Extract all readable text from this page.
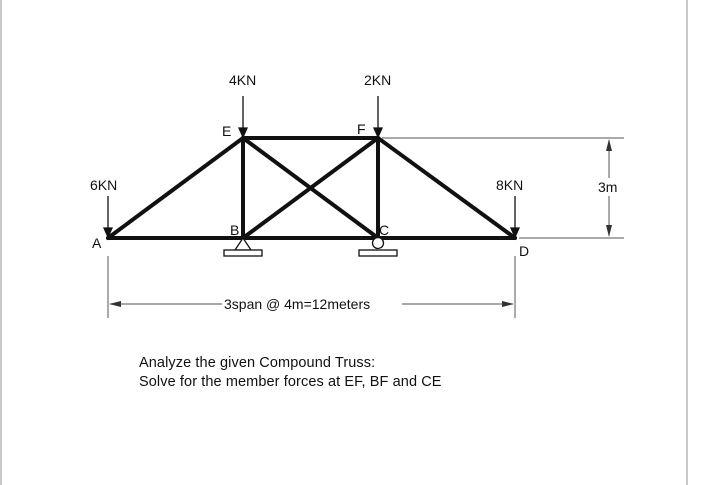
4KN	2KN
6KN	8KN
A
B	C
D
E	F
3span @ 4m=12meters
3m
Analyze the given Compound Truss:
Solve for the member forces at EF, BF and CE
